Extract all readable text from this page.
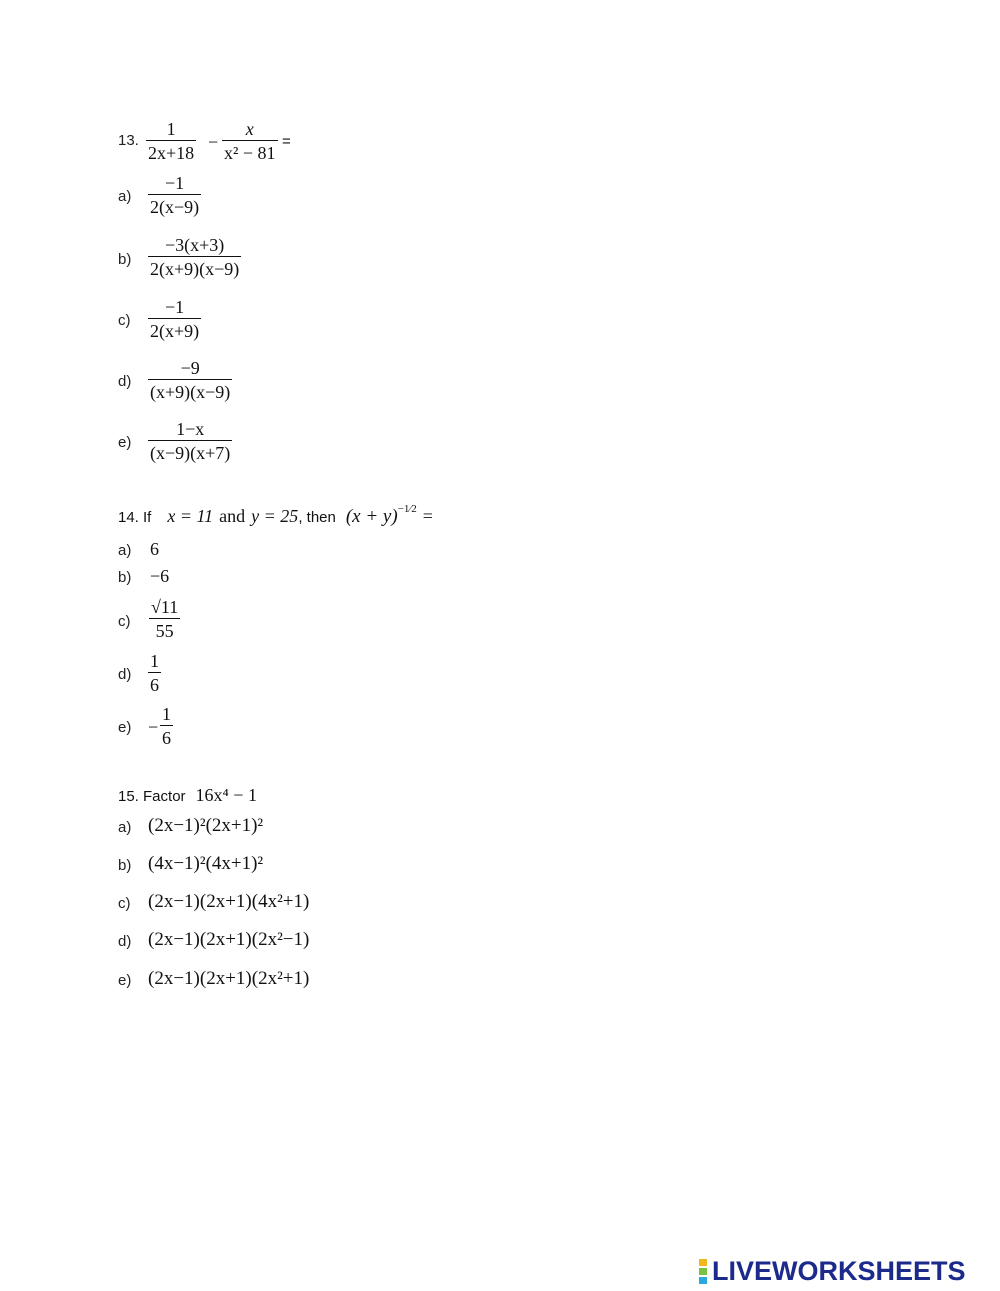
13.
1
2x+18
−
x
x² − 81
=
a)
−1
2(x−9)
b)
−3(x+3)
2(x+9)(x−9)
c)
−1
2(x+9)
d)
−9
(x+9)(x−9)
e)
1−x
(x−9)(x+7)
14. If x = 11 and y = 25 , then (x + y) −1⁄2 =
a) 6
b) −6
c)
√11
55
d)
1
6
e) −
1
6
15. Factor 16x⁴ − 1
a) (2x−1)²(2x+1)²
b) (4x−1)²(4x+1)²
c) (2x−1)(2x+1)(4x²+1)
d) (2x−1)(2x+1)(2x²−1)
e) (2x−1)(2x+1)(2x²+1)
LIVEWORKSHEETS
